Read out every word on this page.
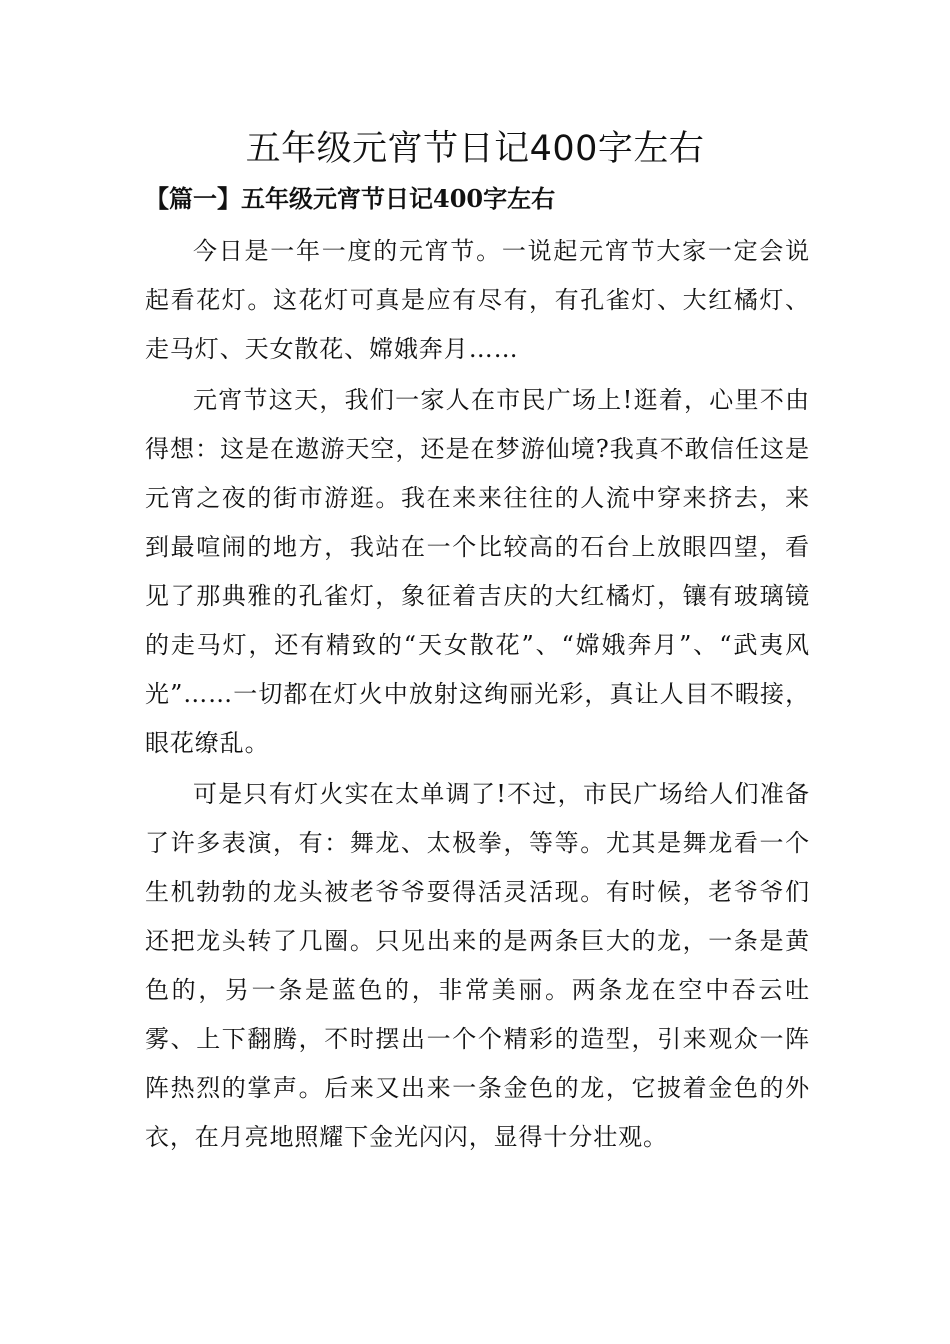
五年级元宵节日记400字左右
【篇一】五年级元宵节日记400字左右

今日是一年一度的元宵节。一说起元宵节大家一定会说起看花灯。这花灯可真是应有尽有，有孔雀灯、大红橘灯、走马灯、天女散花、嫦娥奔月……

元宵节这天，我们一家人在市民广场上!逛着，心里不由得想：这是在遨游天空，还是在梦游仙境?我真不敢信任这是元宵之夜的街市游逛。我在来来往往的人流中穿来挤去，来到最喧闹的地方，我站在一个比较高的石台上放眼四望，看见了那典雅的孔雀灯，象征着吉庆的大红橘灯，镶有玻璃镜的走马灯，还有精致的“天女散花”、“嫦娥奔月”、“武夷风光”……一切都在灯火中放射这绚丽光彩，真让人目不暇接，眼花缭乱。

可是只有灯火实在太单调了!不过，市民广场给人们准备了许多表演，有：舞龙、太极拳，等等。尤其是舞龙看一个生机勃勃的龙头被老爷爷耍得活灵活现。有时候，老爷爷们还把龙头转了几圈。只见出来的是两条巨大的龙，一条是黄色的，另一条是蓝色的，非常美丽。两条龙在空中吞云吐雾、上下翻腾，不时摆出一个个精彩的造型，引来观众一阵阵热烈的掌声。后来又出来一条金色的龙，它披着金色的外衣，在月亮地照耀下金光闪闪，显得十分壮观。
